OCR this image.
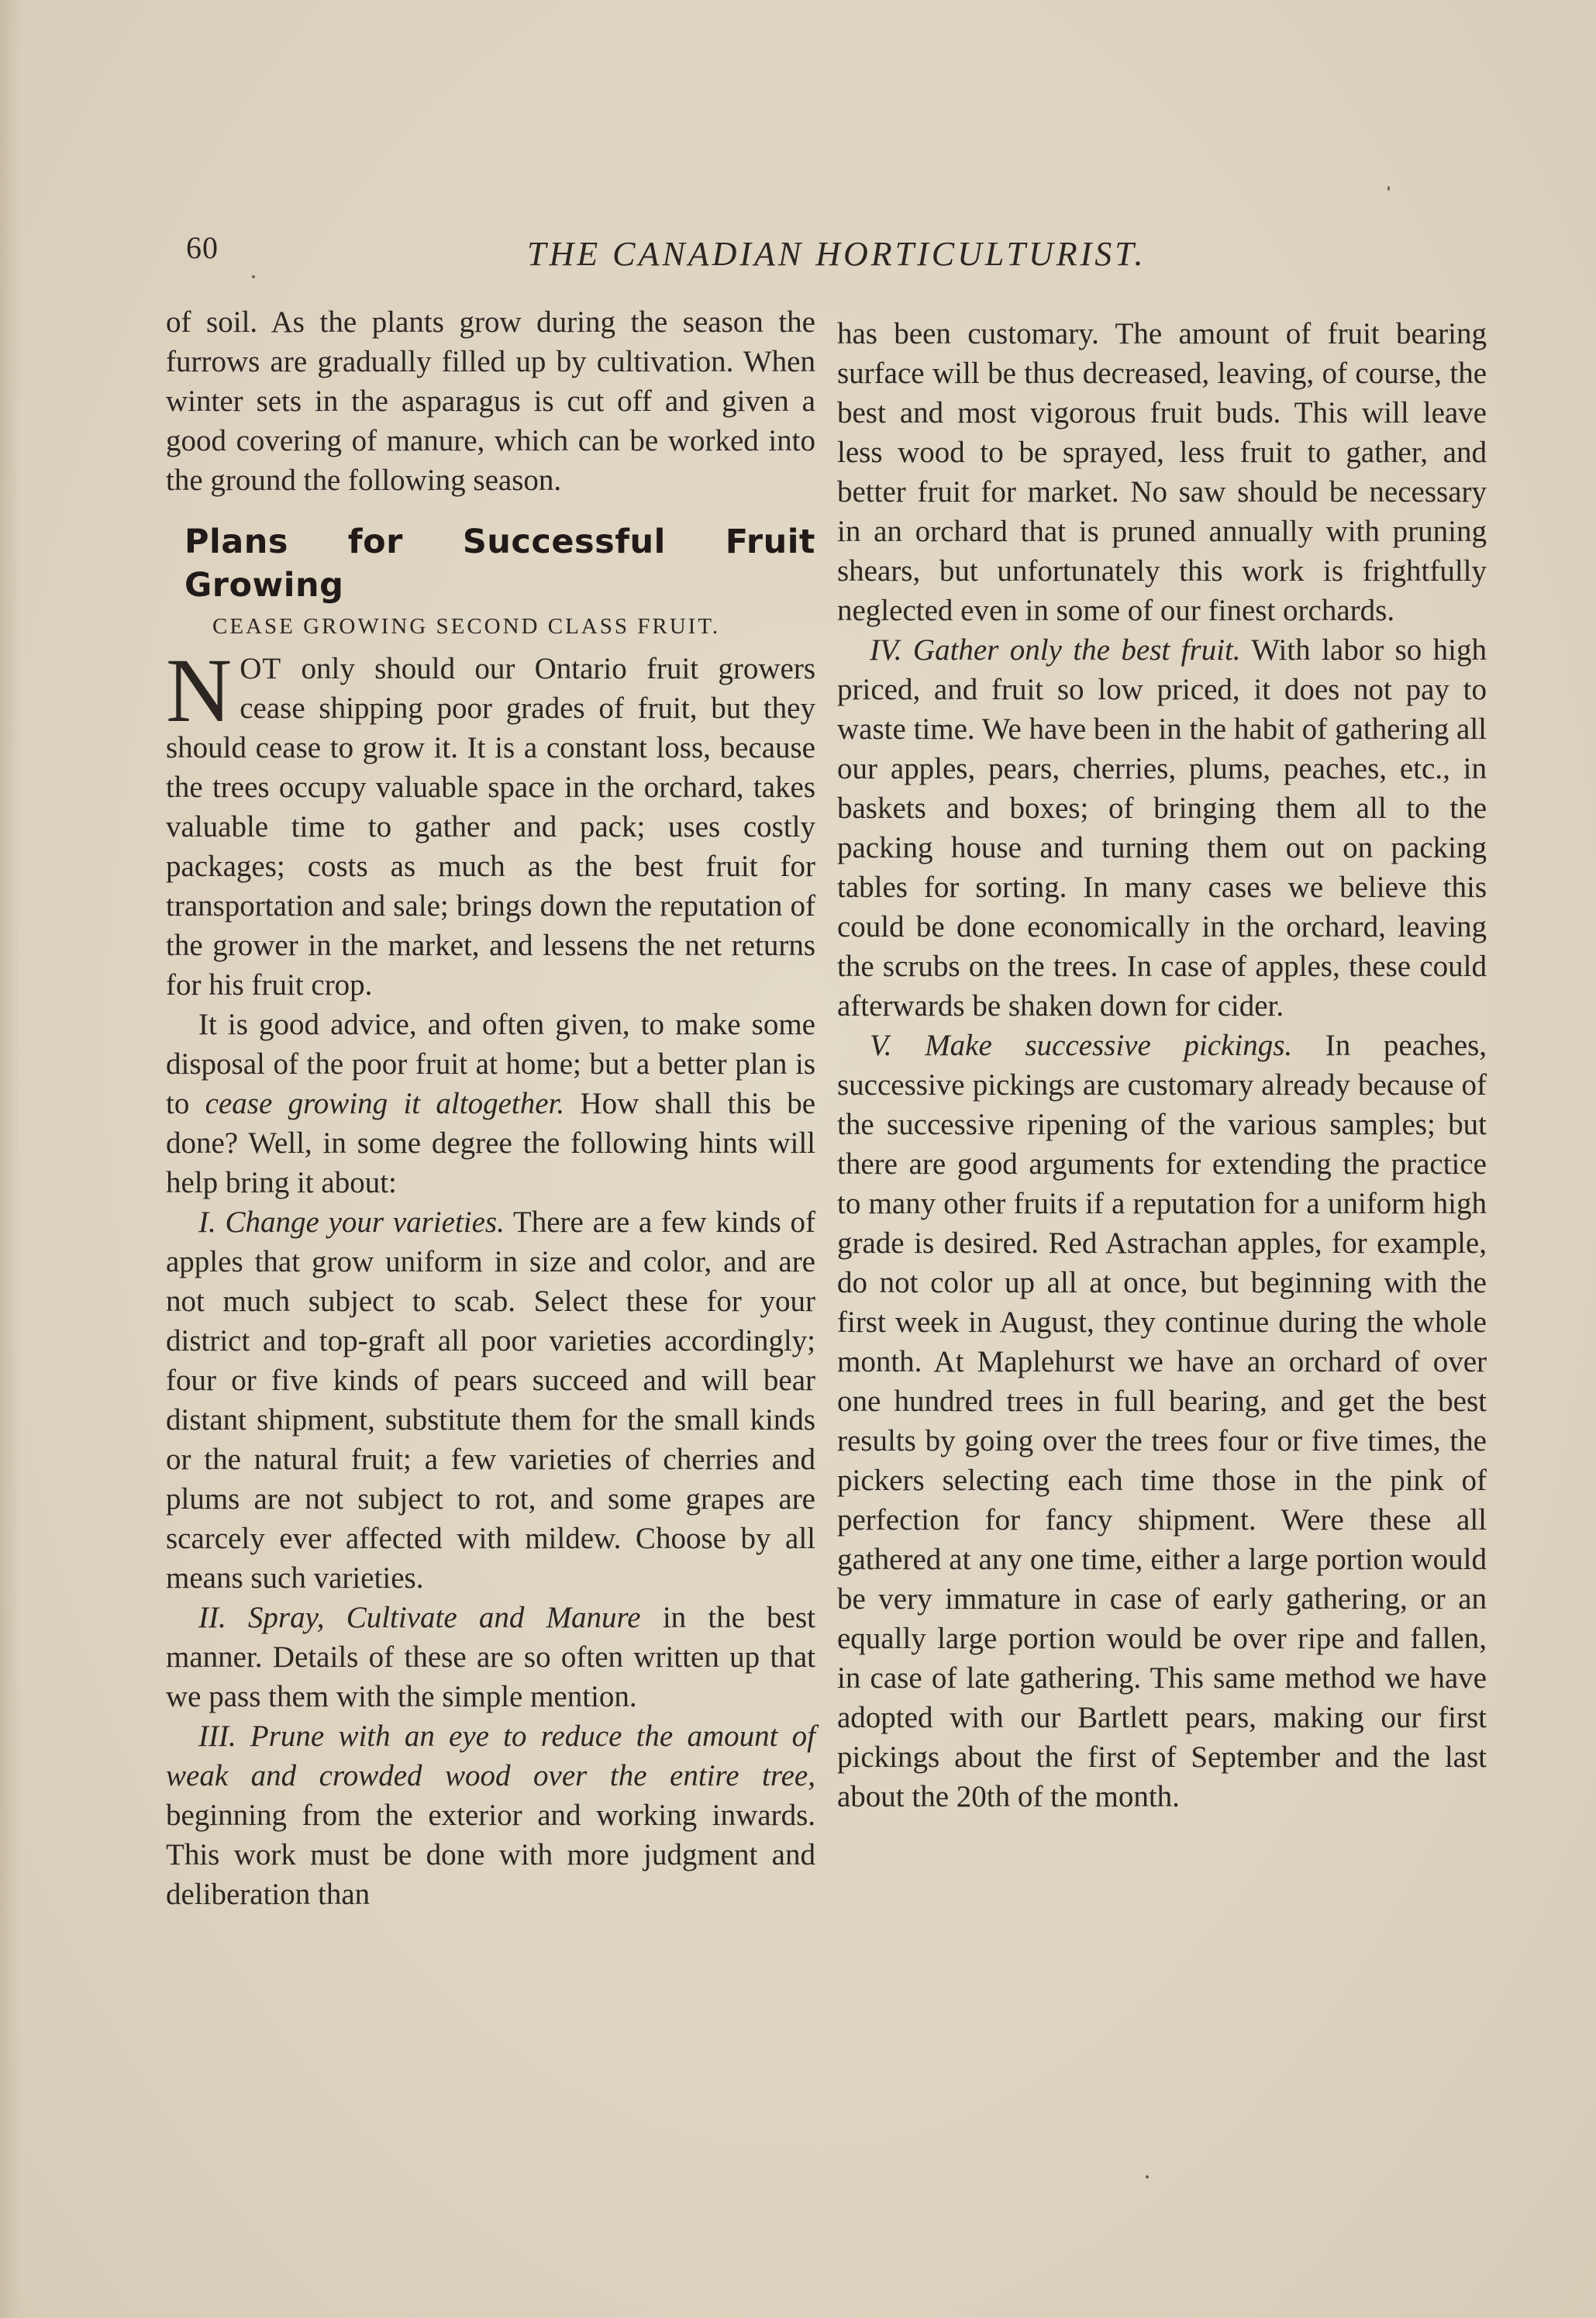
60	THE CANADIAN HORTICULTURIST.

of soil. As the plants grow during the season the furrows are gradually filled up by cultivation. When winter sets in the asparagus is cut off and given a good covering of manure, which can be worked into the ground the following season.

Plans for Successful Fruit Growing
CEASE GROWING SECOND CLASS FRUIT.

NOT only should our Ontario fruit growers cease shipping poor grades of fruit, but they should cease to grow it. It is a constant loss, because the trees occupy valuable space in the orchard, takes valuable time to gather and pack; uses costly packages; costs as much as the best fruit for transportation and sale; brings down the reputation of the grower in the market, and lessens the net returns for his fruit crop.

It is good advice, and often given, to make some disposal of the poor fruit at home; but a better plan is to cease growing it altogether. How shall this be done? Well, in some degree the following hints will help bring it about:

I. Change your varieties. There are a few kinds of apples that grow uniform in size and color, and are not much subject to scab. Select these for your district and top-graft all poor varieties accordingly; four or five kinds of pears succeed and will bear distant shipment, substitute them for the small kinds or the natural fruit; a few varieties of cherries and plums are not subject to rot, and some grapes are scarcely ever affected with mildew. Choose by all means such varieties.

II. Spray, Cultivate and Manure in the best manner. Details of these are so often written up that we pass them with the simple mention.

III. Prune with an eye to reduce the amount of weak and crowded wood over the entire tree, beginning from the exterior and working inwards. This work must be done with more judgment and deliberation than

has been customary. The amount of fruit bearing surface will be thus decreased, leaving, of course, the best and most vigorous fruit buds. This will leave less wood to be sprayed, less fruit to gather, and better fruit for market. No saw should be necessary in an orchard that is pruned annually with pruning shears, but unfortunately this work is frightfully neglected even in some of our finest orchards.

IV. Gather only the best fruit. With labor so high priced, and fruit so low priced, it does not pay to waste time. We have been in the habit of gathering all our apples, pears, cherries, plums, peaches, etc., in baskets and boxes; of bringing them all to the packing house and turning them out on packing tables for sorting. In many cases we believe this could be done economically in the orchard, leaving the scrubs on the trees. In case of apples, these could afterwards be shaken down for cider.

V. Make successive pickings. In peaches, successive pickings are customary already because of the successive ripening of the various samples; but there are good arguments for extending the practice to many other fruits if a reputation for a uniform high grade is desired. Red Astrachan apples, for example, do not color up all at once, but beginning with the first week in August, they continue during the whole month. At Maplehurst we have an orchard of over one hundred trees in full bearing, and get the best results by going over the trees four or five times, the pickers selecting each time those in the pink of perfection for fancy shipment. Were these all gathered at any one time, either a large portion would be very immature in case of early gathering, or an equally large portion would be over ripe and fallen, in case of late gathering. This same method we have adopted with our Bartlett pears, making our first pickings about the first of September and the last about the 20th of the month.
